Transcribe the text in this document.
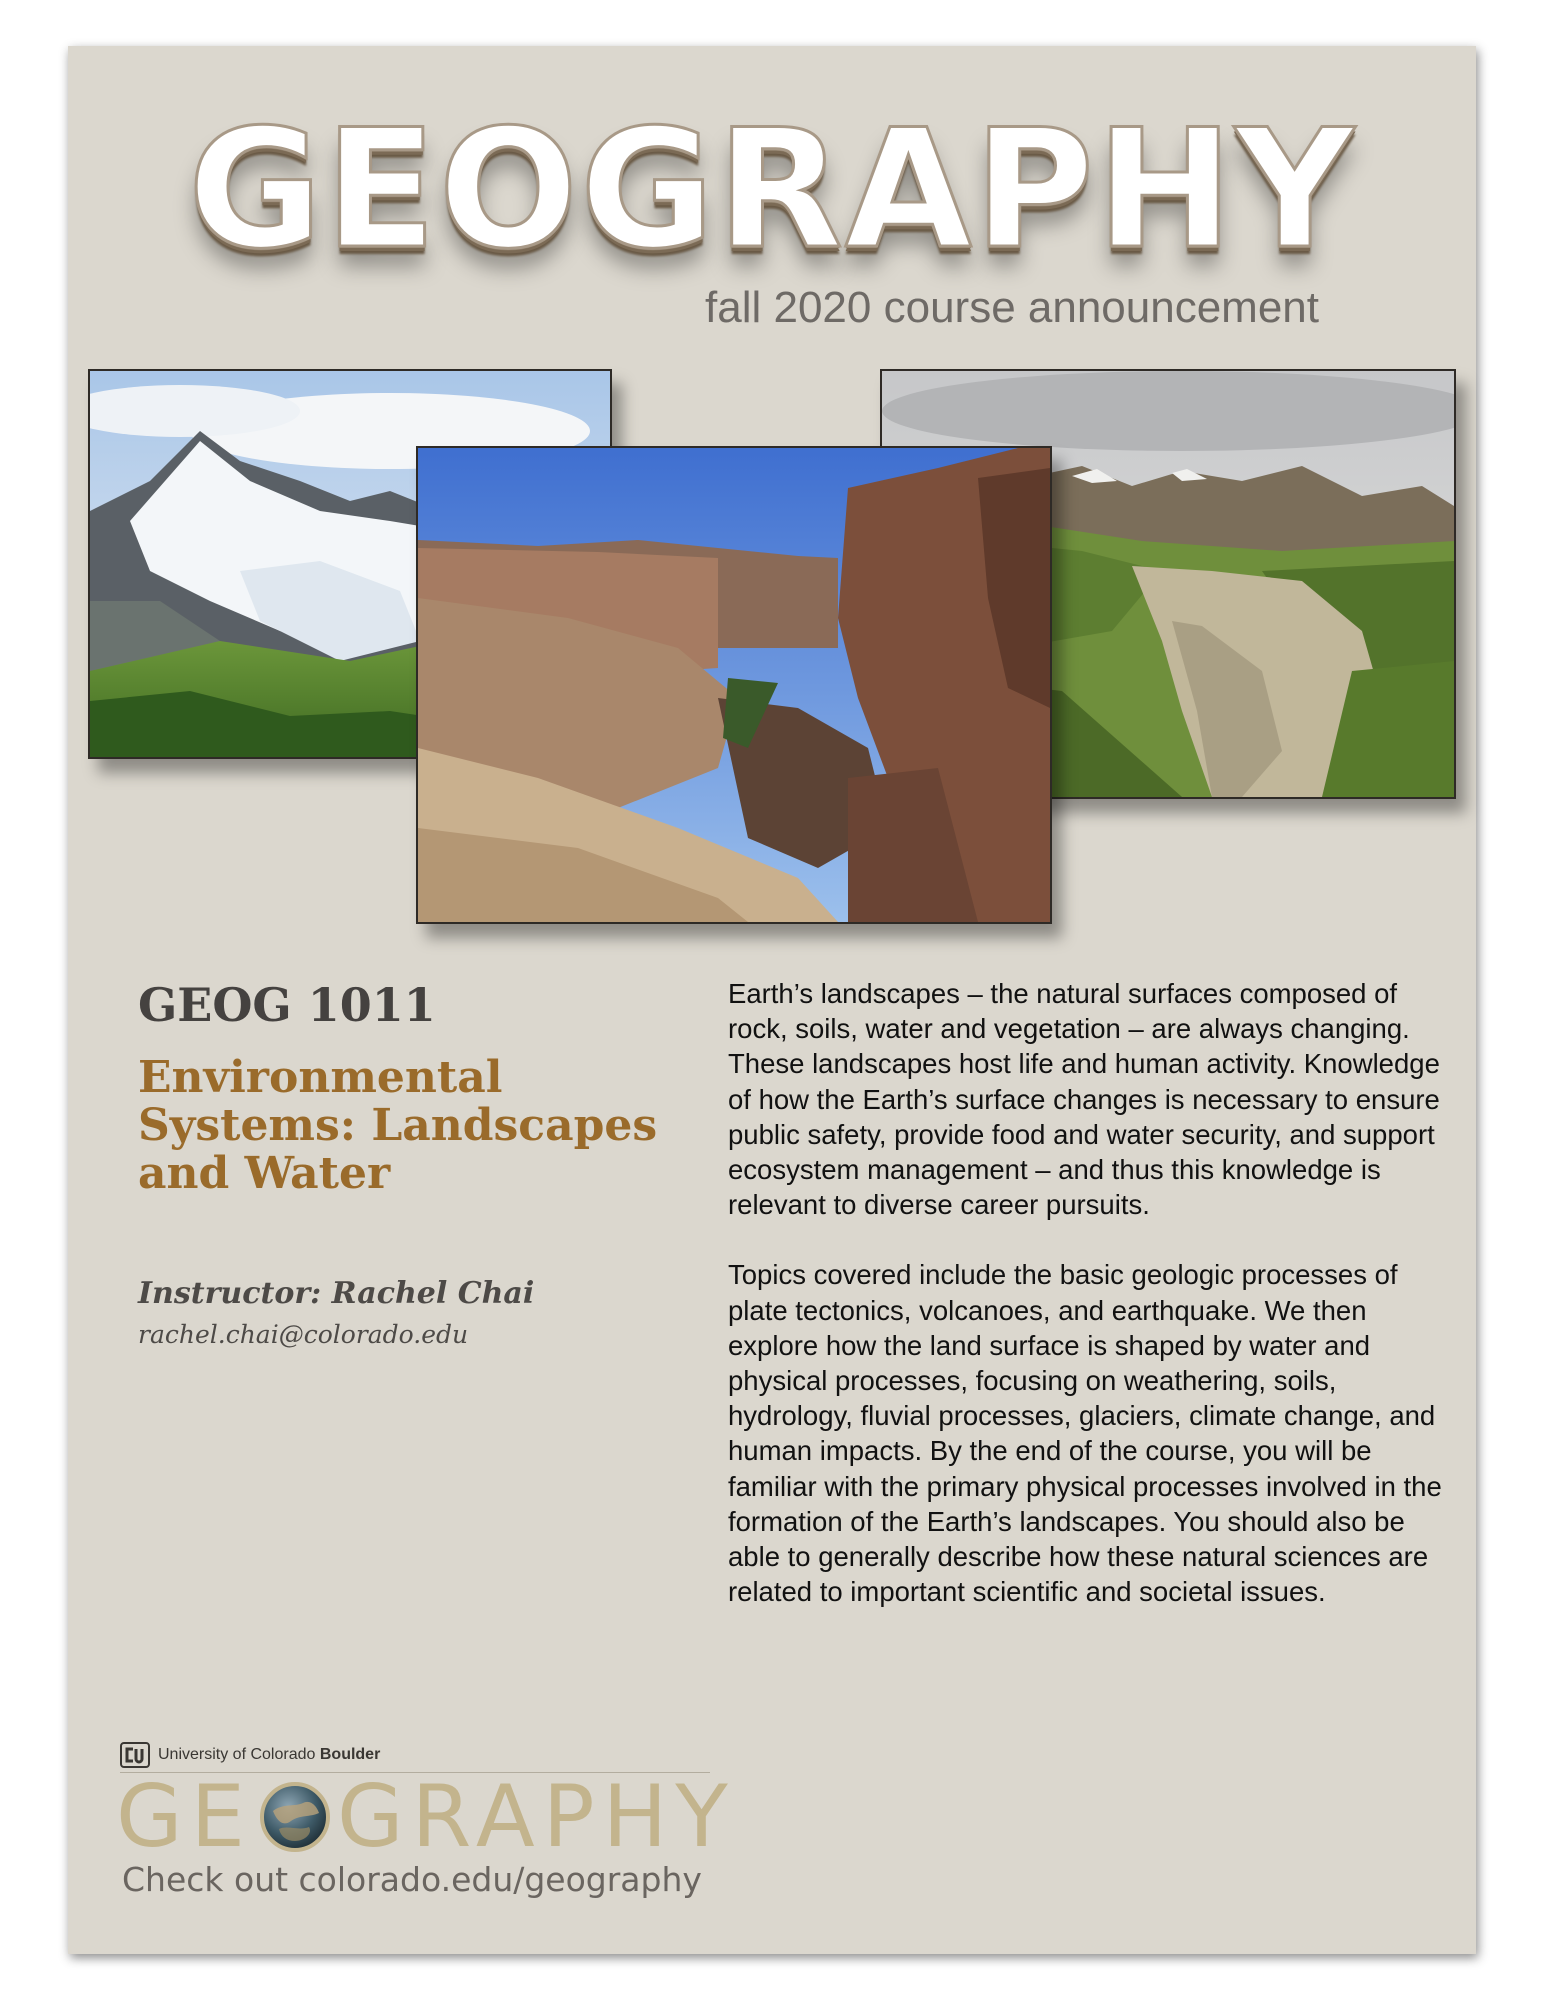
GEOGRAPHY
fall 2020 course announcement
GEOG 1011
Environmental Systems: Landscapes and Water
Instructor: Rachel Chai
rachel.chai@colorado.edu

Earth’s landscapes – the natural surfaces composed of rock, soils, water and vegetation – are always changing. These landscapes host life and human activity. Knowledge of how the Earth’s surface changes is necessary to ensure public safety, provide food and water security, and support ecosystem management – and thus this knowledge is relevant to diverse career pursuits.

Topics covered include the basic geologic processes of plate tectonics, volcanoes, and earthquake. We then explore how the land surface is shaped by water and physical processes, focusing on weathering, soils, hydrology, fluvial processes, glaciers, climate change, and human impacts. By the end of the course, you will be familiar with the primary physical processes involved in the formation of the Earth’s landscapes. You should also be able to generally describe how these natural sciences are related to important scientific and societal issues.

University of Colorado Boulder
GE GRAPHY
Check out colorado.edu/geography
